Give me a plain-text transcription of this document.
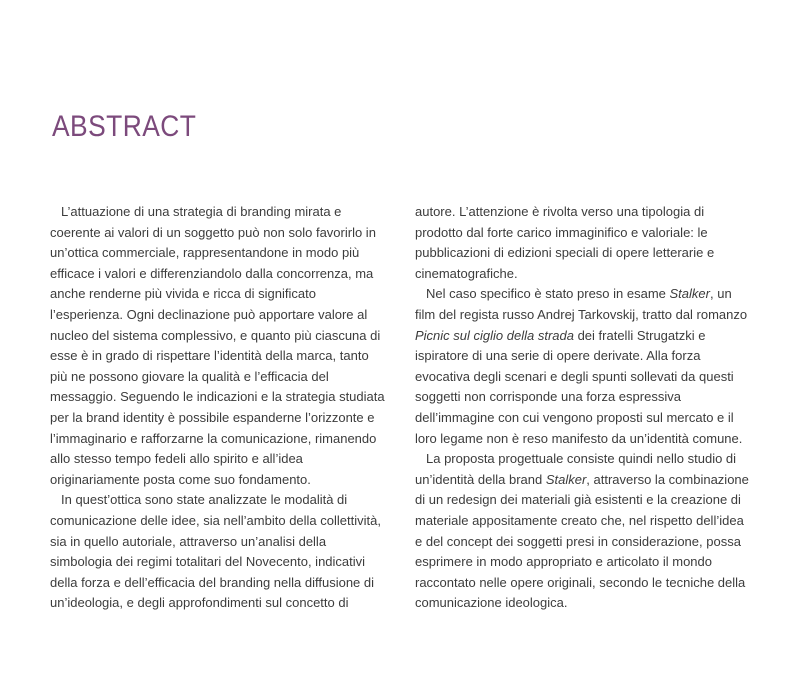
ABSTRACT

L’attuazione di una strategia di branding mirata e coerente ai valori di un soggetto può non solo favorirlo in un’ottica commerciale, rappresentandone in modo più efficace i valori e differenziandolo dalla concorrenza, ma anche renderne più vivida e ricca di significato l’esperienza. Ogni declinazione può apportare valore al nucleo del sistema complessivo, e quanto più ciascuna di esse è in grado di rispettare l’identità della marca, tanto più ne possono giovare la qualità e l’efficacia del messaggio. Seguendo le indicazioni e la strategia studiata per la brand identity è possibile espanderne l’orizzonte e l’immaginario e rafforzarne la comunicazione, rimanendo allo stesso tempo fedeli allo spirito e all’idea originariamente posta come suo fondamento.

In quest’ottica sono state analizzate le modalità di comunicazione delle idee, sia nell’ambito della collettività, sia in quello autoriale, attraverso un’analisi della simbologia dei regimi totalitari del Novecento, indicativi della forza e dell’efficacia del branding nella diffusione di un’ideologia, e degli approfondimenti sul concetto di

autore. L’attenzione è rivolta verso una tipologia di prodotto dal forte carico immaginifico e valoriale: le pubblicazioni di edizioni speciali di opere letterarie e cinematografiche.

Nel caso specifico è stato preso in esame Stalker, un film del regista russo Andrej Tarkovskij, tratto dal romanzo Picnic sul ciglio della strada dei fratelli Strugatzki e ispiratore di una serie di opere derivate. Alla forza evocativa degli scenari e degli spunti sollevati da questi soggetti non corrisponde una forza espressiva dell’immagine con cui vengono proposti sul mercato e il loro legame non è reso manifesto da un’identità comune.

La proposta progettuale consiste quindi nello studio di un’identità della brand Stalker, attraverso la combinazione di un redesign dei materiali già esistenti e la creazione di materiale appositamente creato che, nel rispetto dell’idea e del concept dei soggetti presi in considerazione, possa esprimere in modo appropriato e articolato il mondo raccontato nelle opere originali, secondo le tecniche della comunicazione ideologica.
